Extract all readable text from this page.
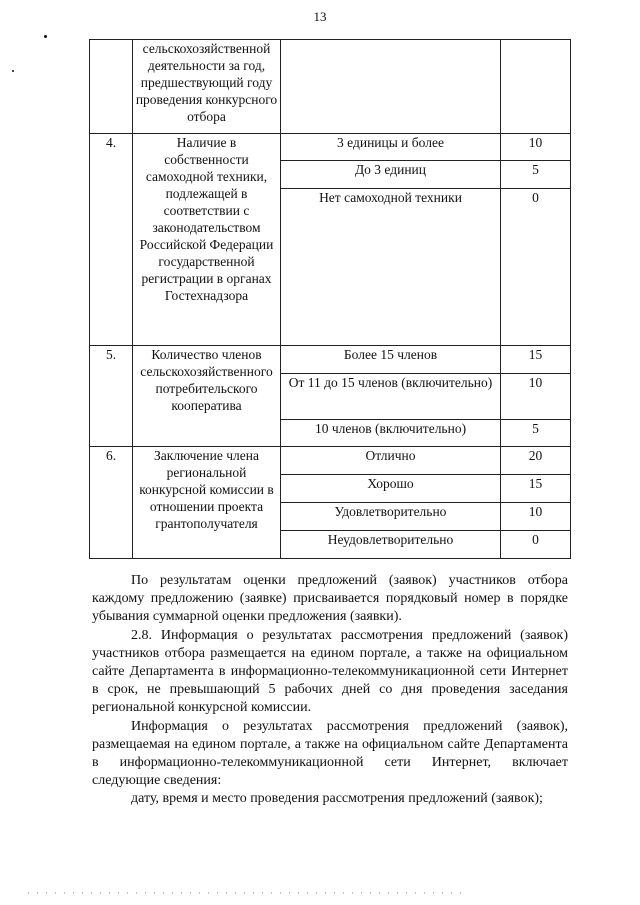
13
	сельскохозяйственной деятельности за год, предшествующий году проведения конкурсного отбора		
4.	Наличие в собственности самоходной техники, подлежащей в соответствии с законодательством Российской Федерации государственной регистрации в органах Гостехнадзора	3 единицы и более	10
		До 3 единиц	5
		Нет самоходной техники	0
5.	Количество членов сельскохозяйственного потребительского кооператива	Более 15 членов	15
		От 11 до 15 членов (включительно)	10
		10 членов (включительно)	5
6.	Заключение члена региональной конкурсной комиссии в отношении проекта грантополучателя	Отлично	20
		Хорошо	15
		Удовлетворительно	10
		Неудовлетворительно	0

По результатам оценки предложений (заявок) участников отбора каждому предложению (заявке) присваивается порядковый номер в порядке убывания суммарной оценки предложения (заявки).

2.8. Информация о результатах рассмотрения предложений (заявок) участников отбора размещается на едином портале, а также на официальном сайте Департамента в информационно-телекоммуникационной сети Интернет в срок, не превышающий 5 рабочих дней со дня проведения заседания региональной конкурсной комиссии.

Информация о результатах рассмотрения предложений (заявок), размещаемая на едином портале, а также на официальном сайте Департамента в информационно-телекоммуникационной сети Интернет, включает следующие сведения:

дату, время и место проведения рассмотрения предложений (заявок);
